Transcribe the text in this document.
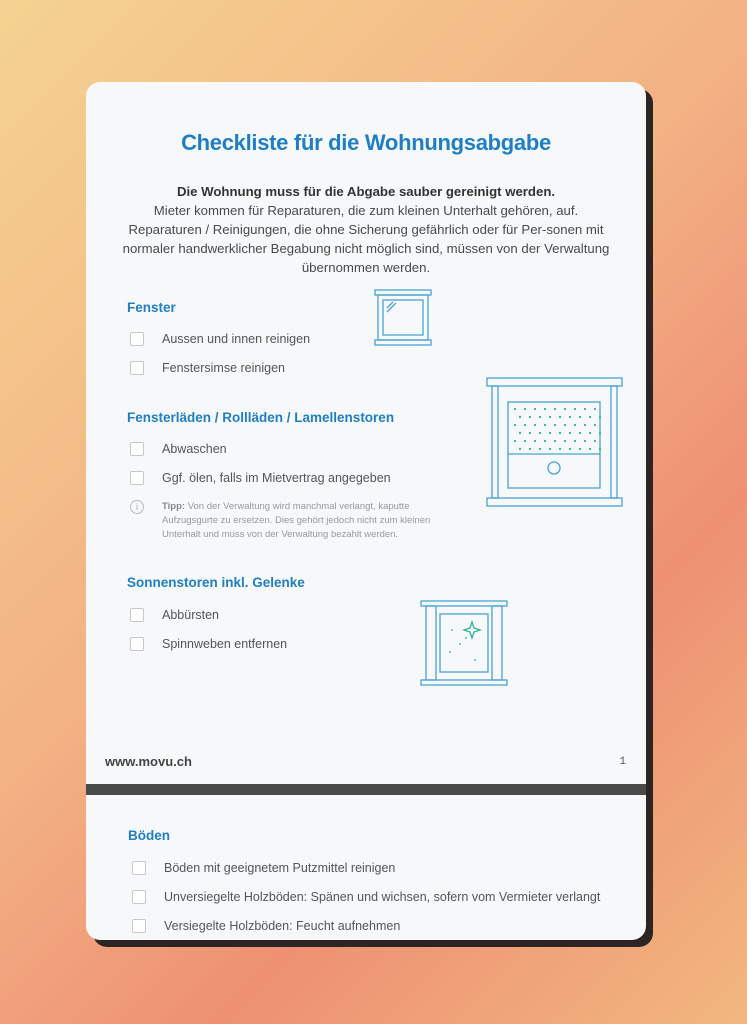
Checkliste für die Wohnungsabgabe
Die Wohnung muss für die Abgabe sauber gereinigt werden.
Mieter kommen für Reparaturen, die zum kleinen Unterhalt gehören, auf. Reparaturen / Reinigungen, die ohne Sicherung gefährlich oder für Per-sonen mit normaler handwerklicher Begabung nicht möglich sind, müssen von der Verwaltung übernommen werden.
Fenster
Aussen und innen reinigen
Fenstersimse reinigen
Fensterläden / Rollläden / Lamellenstoren
Abwaschen
Ggf. ölen, falls im Mietvertrag angegeben
i	Tipp: Von der Verwaltung wird manchmal verlangt, kaputte Aufzugsgurte zu ersetzen. Dies gehört jedoch nicht zum kleinen Unterhalt und muss von der Verwaltung bezahlt werden.
Sonnenstoren inkl. Gelenke
Abbürsten
Spinnweben entfernen
www.movu.ch	1
Böden
Böden mit geeignetem Putzmittel reinigen
Unversiegelte Holzböden: Spänen und wichsen, sofern vom Vermieter verlangt
Versiegelte Holzböden: Feucht aufnehmen
